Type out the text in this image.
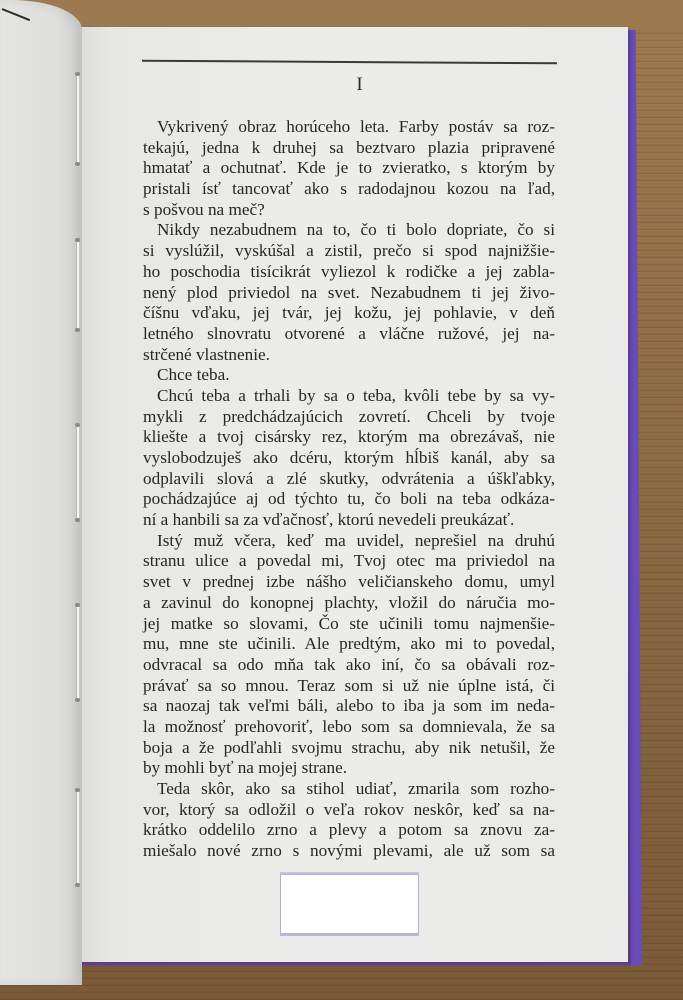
I
Vykrivený obraz horúceho leta. Farby postáv sa roz-
tekajú, jedna k druhej sa beztvaro plazia pripravené
hmatať a ochutnať. Kde je to zvieratko, s ktorým by
pristali ísť tancovať ako s radodajnou kozou na ľad,
s pošvou na meč?
Nikdy nezabudnem na to, čo ti bolo dopriate, čo si
si vyslúžil, vyskúšal a zistil, prečo si spod najnižšie-
ho poschodia tisícikrát vyliezol k rodičke a jej zabla-
nený plod priviedol na svet. Nezabudnem ti jej živo-
číšnu vďaku, jej tvár, jej kožu, jej pohlavie, v deň
letného slnovratu otvorené a vláčne ružové, jej na-
strčené vlastnenie.
Chce teba.
Chcú teba a trhali by sa o teba, kvôli tebe by sa vy-
mykli z predchádzajúcich zovretí. Chceli by tvoje
kliešte a tvoj cisársky rez, ktorým ma obrezávaš, nie
vyslobodzuješ ako dcéru, ktorým hĺbiš kanál, aby sa
odplavili slová a zlé skutky, odvrátenia a úškľabky,
pochádzajúce aj od týchto tu, čo boli na teba odkáza-
ní a hanbili sa za vďačnosť, ktorú nevedeli preukázať.
Istý muž včera, keď ma uvidel, neprešiel na druhú
stranu ulice a povedal mi, Tvoj otec ma priviedol na
svet v prednej izbe nášho veličianskeho domu, umyl
a zavinul do konopnej plachty, vložil do náručia mo-
jej matke so slovami, Čo ste učinili tomu najmenšie-
mu, mne ste učinili. Ale predtým, ako mi to povedal,
odvracal sa odo mňa tak ako iní, čo sa obávali roz-
právať sa so mnou. Teraz som si už nie úplne istá, či
sa naozaj tak veľmi báli, alebo to iba ja som im neda-
la možnosť prehovoriť, lebo som sa domnievala, že sa
boja a že podľahli svojmu strachu, aby nik netušil, že
by mohli byť na mojej strane.
Teda skôr, ako sa stihol udiať, zmarila som rozho-
vor, ktorý sa odložil o veľa rokov neskôr, keď sa na-
krátko oddelilo zrno a plevy a potom sa znovu za-
miešalo nové zrno s novými plevami, ale už som sa
